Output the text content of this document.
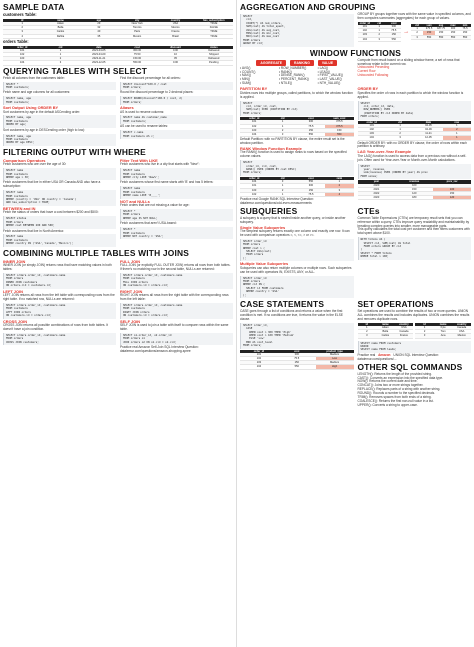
SAMPLE DATA
customers Table:
id	name	age	city	country	has_subscription
1	Adam	29	New York	USA	TRUE
2	Bella	32	Toronto	Mexico	FALSE
3	Carlos	40	Paris	France	TRUE
4	Dahlia	35	Mexico	Brasil	TRUE
orders Table:
order_id	cid	date	cost	discount	status
101	1	2023-04-05	300.00	0.00	Delivered
102	1	2023-04-09	75.50	10	Shipped
103	2	2023-11-21	150.00	05	Delivered
104	3	2023-12-05	550.00	0.00	Pending
QUERYING TABLES WITH SELECT
Fetch all columns from the customers table:
SELECT *
FROM customers;
Fetch name and age columns for all customers:
SELECT name, age
FROM customers;
Sort Output Using ORDER BY
Sort customers by age in the default ASCending order:
SELECT name, age
FROM customers
ORDER BY age;
Sort customers by age in DESCending order (high to low):
SELECT name, age
FROM customers
ORDER BY age DESC;
Find the discount percentage for all orders:
SELECT discount*100.0 / cost
FROM orders;
Round the discount percentage to 2 decimal places:
SELECT ROUND(discount*100.0 / cost, 2)
FROM orders;
Aliases
AS is used to rename columns:
SELECT name AS customer_name
FROM customers;
AS can be used to rename tables:
SELECT c.name
FROM customers AS c;
FILTERING OUTPUT WITH WHERE
Comparison Operators
Fetch customers who are over the age of 30:
SELECT name
FROM customers
WHERE age > 30;
Fetch customers that live in either USA OR Canada AND also have a subscription:
SELECT name
FROM customers
WHERE (country = 'USA' OR country = 'Canada')
AND has_subscription = TRUE;
BETWEEN and IN
Fetch the status of orders that have a cost between $200 and $500:
SELECT status
FROM orders
WHERE cost BETWEEN 200 AND 500;
Fetch customers that live in North America:
SELECT name
FROM customers
WHERE country IN ('USA','Canada','Mexico');
Filter Text With LIKE
Fetch customers who live in a city that starts with "New":
SELECT name
FROM customers
WHERE city LIKE 'New%';
Fetch customers whose first name starts with 'B' and has 5 letters:
SELECT name
FROM customers
WHERE name LIKE 'B____';
NOT and NULLs
Fetch orders that are not missing a value for age:
SELECT *
FROM orders
WHERE age IS NOT NULL;
Fetch customers that aren't USA-based:
SELECT *
FROM customers
WHERE NOT country = 'USA';
COMBINING MULTIPLE TABLES WITH JOINS
INNER JOIN
INNER JOIN (or simply JOIN) returns rows that have matching values in both tables:
SELECT orders.order_id, customers.name
FROM orders
INNER JOIN customers
ON orders.cid = customers.id;
LEFT JOIN
LEFT JOIN returns all rows from the left table with corresponding rows from the right table. If no matched row, NULLs are returned:
SELECT orders.order_id, customers.name
FROM customers
LEFT JOIN orders
ON customers.id = orders.cid;
CROSS JOIN
CROSS JOIN returns all possible combinations of rows from both tables. It doesn't have a join condition.
SELECT orders.order_id, customers.name
FROM orders
CROSS JOIN customers;
FULL JOIN
FULL JOIN (or explicitly FULL OUTER JOIN) returns all rows from both tables. If there's no matching row in the second table, NULLs are returned:
SELECT orders.order_id, customers.name
FROM customers
FULL JOIN orders
ON customers.id = orders.cid;
RIGHT JOIN
RIGHT JOIN returns all rows from the right table with the corresponding rows from the left table:
SELECT orders.order_id, customers.name
FROM customers
RIGHT JOIN orders
ON customers.id = orders.cid;
SELF JOIN
SELF JOIN is used to join a table with itself to compare rows within the same table.
SELECT o1.order_id, o2.order_id
FROM orders o1
JOIN orders o2 ON o1.cid = o2.cid;
Practice real Amazon Self-Join SQL Interview Question: datalemur.com/questions/amazon-shopping-spree
AGGREGATION AND GROUPING
SELECT
cid,
COUNT(*) AS num_orders,
SUM(cost) AS total_spent,
AVG(cost) AS avg_cost,
MIN(cost) AS min_cost,
MAX(cost) AS max_cost
FROM orders
GROUP BY cid;
GROUP BY groups together rows with the same value in specified columns, and then computes summaries (aggregates) for each group of values.
order_id	cid	cost
101	1	300
102	1	75.5
103	2	150
104	3	550
→
cid	sum	avg	max	min
1	375.5	187.75	300	75.5
2	150	150	150	150
3	550	550	550	550
WINDOW FUNCTIONS
AGGREGATE	RANKING	VALUE
• AVG()
• COUNT()
• MAX()
• MIN()
• SUM()
• ROW_NUMBER()
• RANK()
• DENSE_RANK()
• PERCENT_RANK()
• NTILE()
• LAG()
• LEAD()
• FIRST_VALUE()
• LAST_VALUE()
• NTH_VALUE()
Compute from result based on a sliding window frame, a set of rows that somehow relate to the current row.
Unbounded Preceding
Current Row
Unbounded Following
PARTITION BY
Divides rows into multiple groups, called partitions, to which the window function is applied.
SELECT
cid, order_id, cost,
SUM(cost) OVER (PARTITION BY cid)
FROM orders;
order_id	cid	cost	sum_cost
101	1	300	375.5
102	1	75.5	375.5
103	2	150	150
104	3	550	550
Default Partition: with no PARTITION BY clause, the entire result set is the window partition.
RANK Window Function Example
The RANK() function is used to assign ranks to rows based on the specified column values.
SELECT
order_id, cid, cost,
RANK() OVER (ORDER BY cost DESC)
FROM orders;
order_id	cid	cost	rank
104	3	550	1
101	1	300	2
103	2	150	3
102	1	75.5	4
Practice real Google RANK SQL Interview Question: datalemur.com/questions/odd-even-measurements
ORDER BY
Specifies the order of rows in each partition to which the window function is applied.
SELECT
cid, order_id, date,
ROW_NUMBER() OVER
(PARTITION BY cid ORDER BY date)
FROM orders;
order_id	cid	date	row
101	1	04-05	1
102	1	04-09	2
103	2	11-21	1
104	3	12-05	1
Default ORDER BY: with no ORDER BY clause, the order of rows within each partition is arbitrary.
LAG Year-over-Year Example
The LAG() function is used to access data from a previous row without a self-join. Often used for Year-over-Year or Month-over-Month calculations.
SELECT
year, revenue,
LAG(revenue) OVER (ORDER BY year) AS prev
FROM sales;
year	revenue	prev_rev
2020	100	
2021	150	100
2022	120	150
2023	180	120
SUBQUERIES
A subquery is a query that is nested inside another query, or inside another subquery.
Single Value Subqueries
The simplest subquery returns exactly one column and exactly one row. It can be used with comparison operators =, <, <=, > or >=.
SELECT order_id
FROM orders
WHERE cost > (
SELECT AVG(cost)
FROM orders
);
Multiple Value Subqueries
Subqueries can also return multiple columns or multiple rows. Such subqueries can be used with operators IN, EXISTS, ANY, or ALL.
SELECT order_id
FROM orders
WHERE cid IN (
SELECT id FROM customers
WHERE country = 'USA'
);
CTEs
Common Table Expressions (CTEs) are temporary result sets that you can reference within a query. CTEs improve query readability and maintainability by breaking complex queries into smaller, more manageable parts.
This query calculates the total cost per customer and then filters customers with total spent above $100.
WITH totals AS (
SELECT cid, SUM(cost) AS total
FROM orders GROUP BY cid
)
SELECT * FROM totals
WHERE total > 100;
CASE STATEMENTS
CASE goes through a list of conditions and returns a value when the first condition is met. If no conditions are true, it returns the value in the ELSE clause.
SELECT order_id,
CASE
WHEN cost > 300 THEN 'High'
WHEN cost > 100 THEN 'Medium'
ELSE 'Low'
END AS cost_level
FROM orders;
order_id	cost	product_type
101	300	Medium
102	75.5	Low
103	150	Medium
104	550	High
SET OPERATIONS
Set operations are used to combine the results of two or more queries. UNION ALL combines the results and includes duplicates. UNION combines the results and removes duplicate rows.
id	name	country
1	Adam	USA
2	Bella	Canada
3	Carlos	France
id	name	country
1	Kyle	Canada
2	Tom	USA
3	Ana	Mexico
SELECT name FROM customers
UNION
SELECT name FROM leads;
Practice real Amazon UNION SQL Interview Question: datalemur.com/questions/...
OTHER SQL COMMANDS
LENGTH(): Returns the length of the provided string.
CAST(): Converts an expression into the specified data type.
NOW(): Returns the current date and time.
CONCAT(): Joins two or more strings together.
REPLACE(): Replaces parts of a string with another string.
ROUND(): Rounds a number to the specified decimals.
TRIM(): Removes spaces from both ends of a string.
COALESCE(): Returns the first non-null value in a list.
UPPER(): Converts a string to upper-case.
